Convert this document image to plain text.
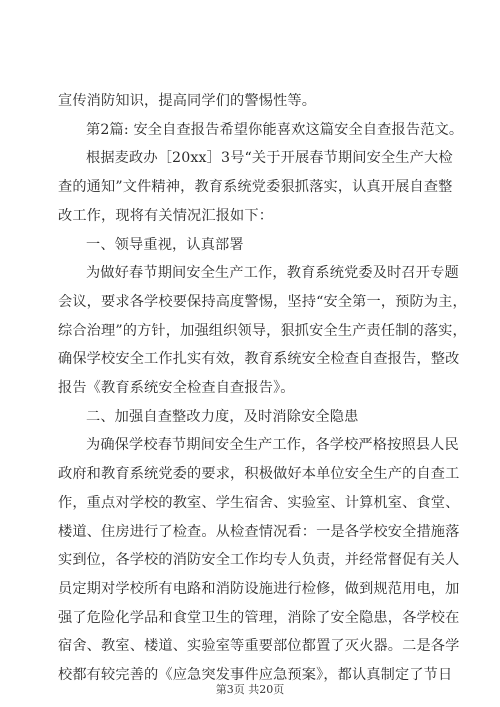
宣传消防知识，提高同学们的警惕性等。
第2篇: 安全自查报告希望你能喜欢这篇安全自查报告范文。
根据麦政办［20xx］3号“关于开展春节期间安全生产大检
查的通知”文件精神，教育系统党委狠抓落实，认真开展自查整
改工作，现将有关情况汇报如下：
一、领导重视，认真部署
为做好春节期间安全生产工作，教育系统党委及时召开专题
会议，要求各学校要保持高度警惕，坚持“安全第一，预防为主，
综合治理”的方针，加强组织领导，狠抓安全生产责任制的落实，
确保学校安全工作扎实有效，教育系统安全检查自查报告，整改
报告《教育系统安全检查自查报告》。
二、加强自查整改力度，及时消除安全隐患
为确保学校春节期间安全生产工作，各学校严格按照县人民
政府和教育系统党委的要求，积极做好本单位安全生产的自查工
作，重点对学校的教室、学生宿舍、实验室、计算机室、食堂、
楼道、住房进行了检查。从检查情况看：一是各学校安全措施落
实到位，各学校的消防安全工作均专人负责，并经常督促有关人
员定期对学校所有电路和消防设施进行检修，做到规范用电，加
强了危险化学品和食堂卫生的管理，消除了安全隐患，各学校在
宿舍、教室、楼道、实验室等重要部位都置了灭火器。二是各学
校都有较完善的《应急突发事件应急预案》，都认真制定了节日
第3页 共20页
